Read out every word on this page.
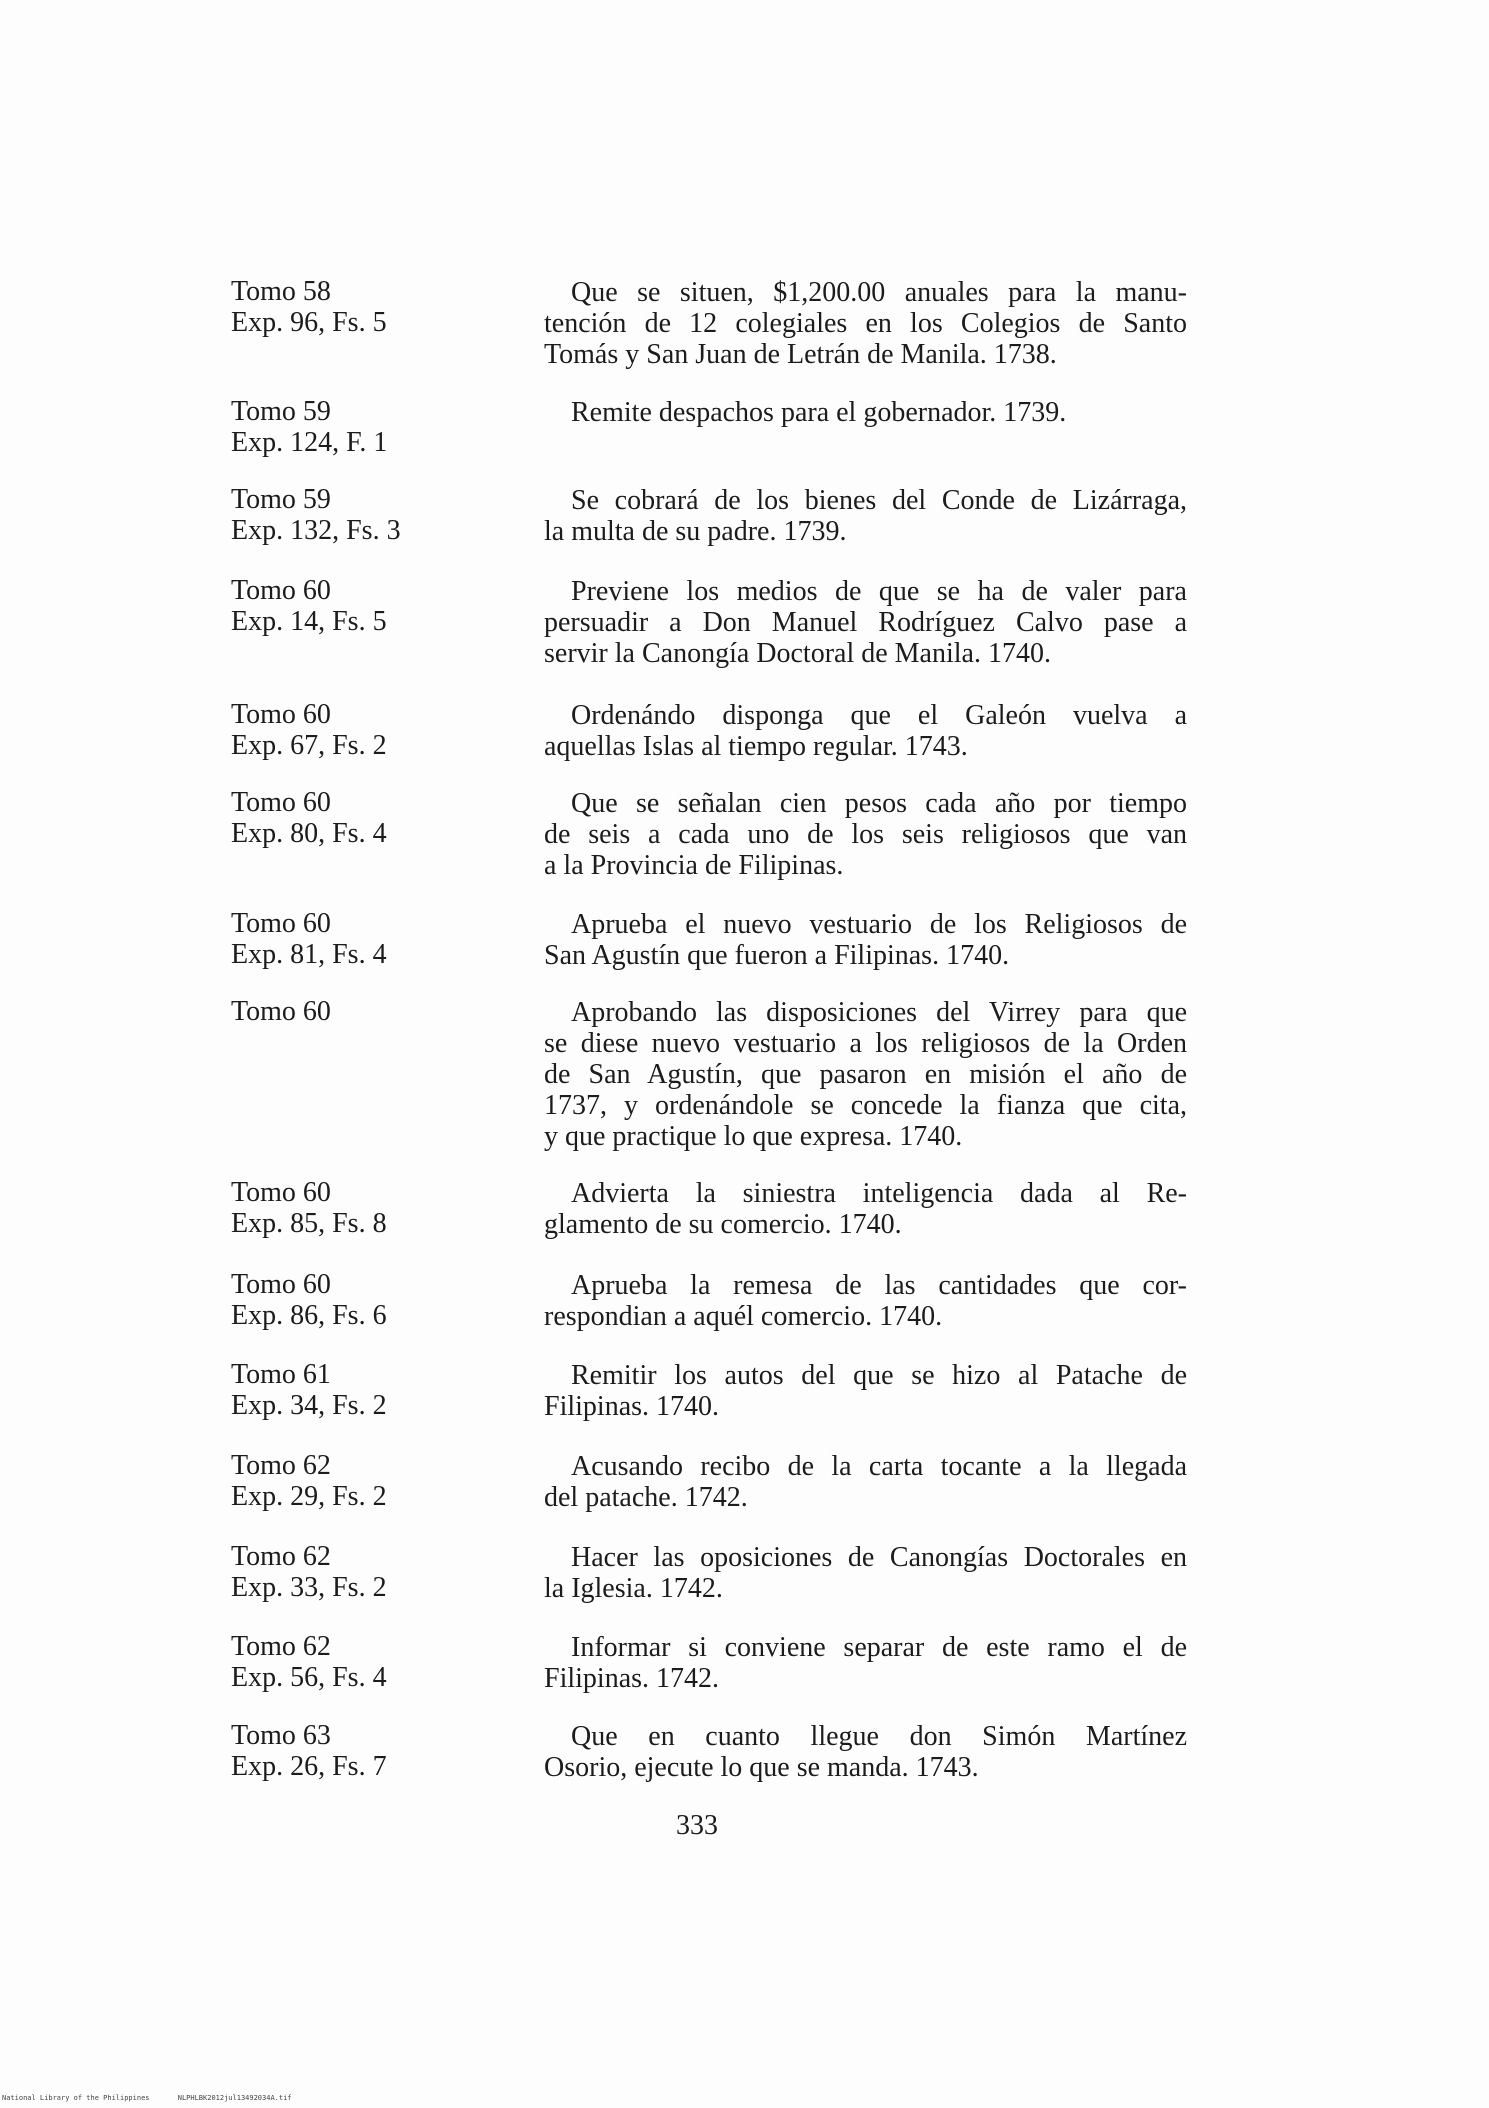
Tomo 58
Exp. 96, Fs. 5
Que se situen, $1,200.00 anuales para la manu-
tención de 12 colegiales en los Colegios de Santo
Tomás y San Juan de Letrán de Manila. 1738.
Tomo 59
Exp. 124, F. 1
Remite despachos para el gobernador. 1739.
Tomo 59
Exp. 132, Fs. 3
Se cobrará de los bienes del Conde de Lizárraga,
la multa de su padre. 1739.
Tomo 60
Exp. 14, Fs. 5
Previene los medios de que se ha de valer para
persuadir a Don Manuel Rodríguez Calvo pase a
servir la Canongía Doctoral de Manila. 1740.
Tomo 60
Exp. 67, Fs. 2
Ordenándo disponga que el Galeón vuelva a
aquellas Islas al tiempo regular. 1743.
Tomo 60
Exp. 80, Fs. 4
Que se señalan cien pesos cada año por tiempo
de seis a cada uno de los seis religiosos que van
a la Provincia de Filipinas.
Tomo 60
Exp. 81, Fs. 4
Aprueba el nuevo vestuario de los Religiosos de
San Agustín que fueron a Filipinas. 1740.
Tomo 60	Aprobando las disposiciones del Virrey para que
se diese nuevo vestuario a los religiosos de la Orden
de San Agustín, que pasaron en misión el año de
1737, y ordenándole se concede la fianza que cita,
y que practique lo que expresa. 1740.
Tomo 60
Exp. 85, Fs. 8
Advierta la siniestra inteligencia dada al Re-
glamento de su comercio. 1740.
Tomo 60
Exp. 86, Fs. 6
Aprueba la remesa de las cantidades que cor-
respondian a aquél comercio. 1740.
Tomo 61
Exp. 34, Fs. 2
Remitir los autos del que se hizo al Patache de
Filipinas. 1740.
Tomo 62
Exp. 29, Fs. 2
Acusando recibo de la carta tocante a la llegada
del patache. 1742.
Tomo 62
Exp. 33, Fs. 2
Hacer las oposiciones de Canongías Doctorales en
la Iglesia. 1742.
Tomo 62
Exp. 56, Fs. 4
Informar si conviene separar de este ramo el de
Filipinas. 1742.
Tomo 63
Exp. 26, Fs. 7
Que en cuanto llegue don Simón Martínez
Osorio, ejecute lo que se manda. 1743.
333
National Library of the Philippines	NLPHLBK2012jul13492034A.tif
